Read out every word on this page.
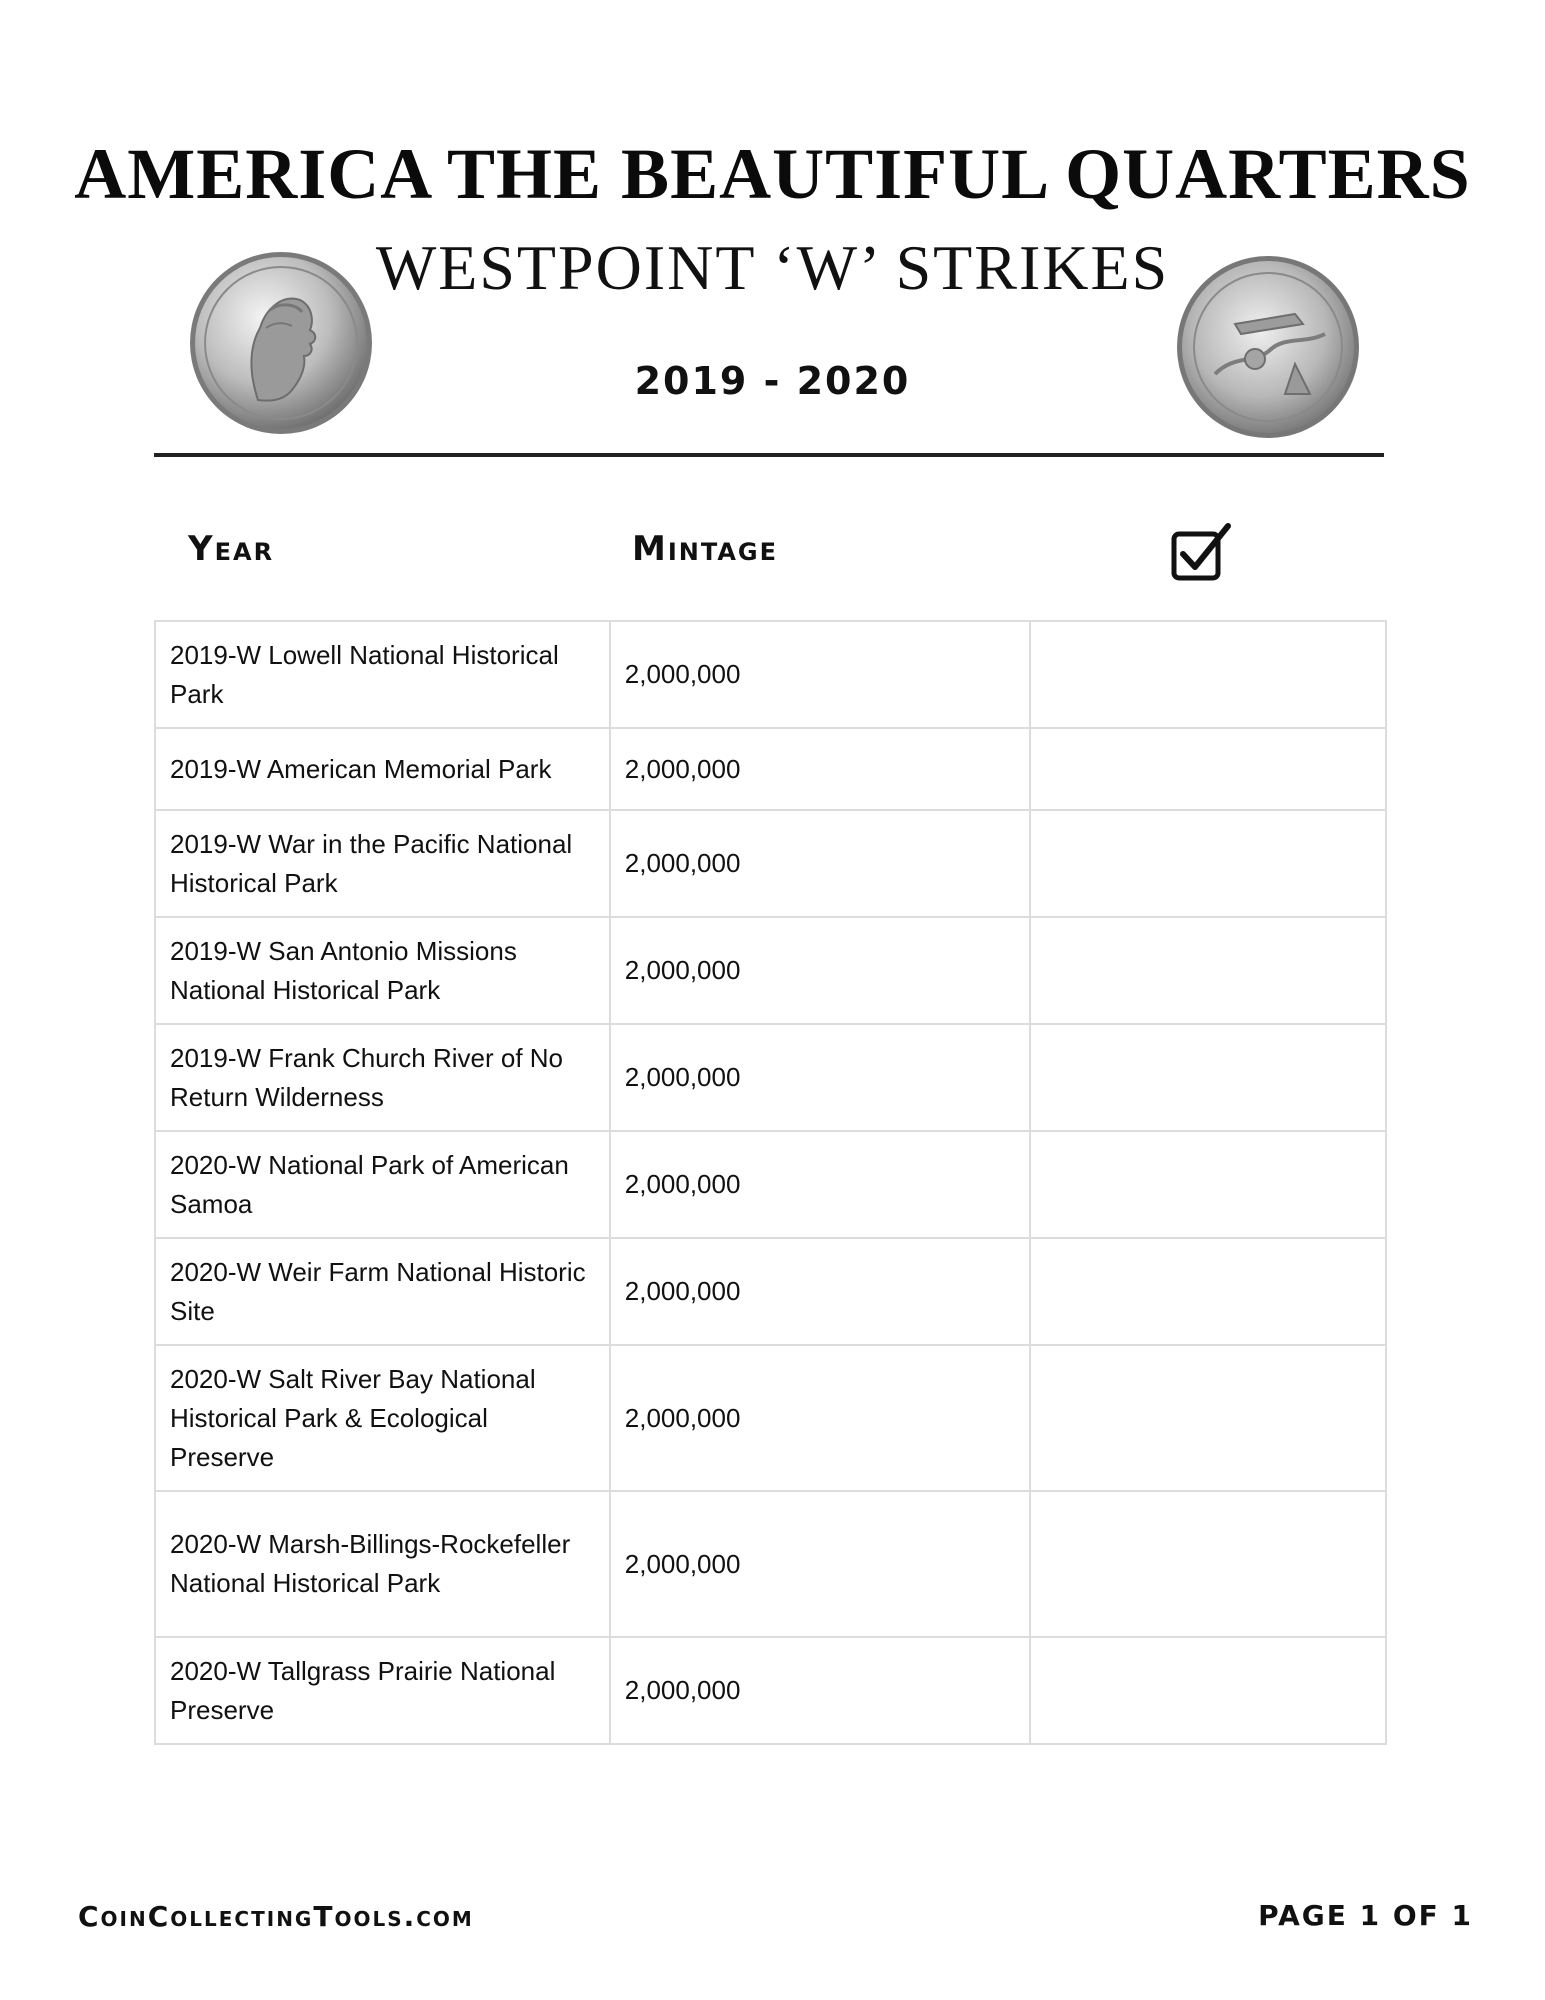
AMERICA THE BEAUTIFUL QUARTERS
WESTPOINT ‘W’ STRIKES
2019 - 2020
Year	Mintage
2019-W Lowell National Historical Park	2,000,000	
2019-W American Memorial Park	2,000,000	
2019-W War in the Pacific National Historical Park	2,000,000	
2019-W San Antonio Missions National Historical Park	2,000,000	
2019-W Frank Church River of No Return Wilderness	2,000,000	
2020-W National Park of American Samoa	2,000,000	
2020-W Weir Farm National Historic Site	2,000,000	
2020-W Salt River Bay National Historical Park & Ecological Preserve	2,000,000	
2020-W Marsh-Billings-Rockefeller National Historical Park	2,000,000	
2020-W Tallgrass Prairie National Preserve	2,000,000	
CoinCollectingTools.com	PAGE 1 OF 1
